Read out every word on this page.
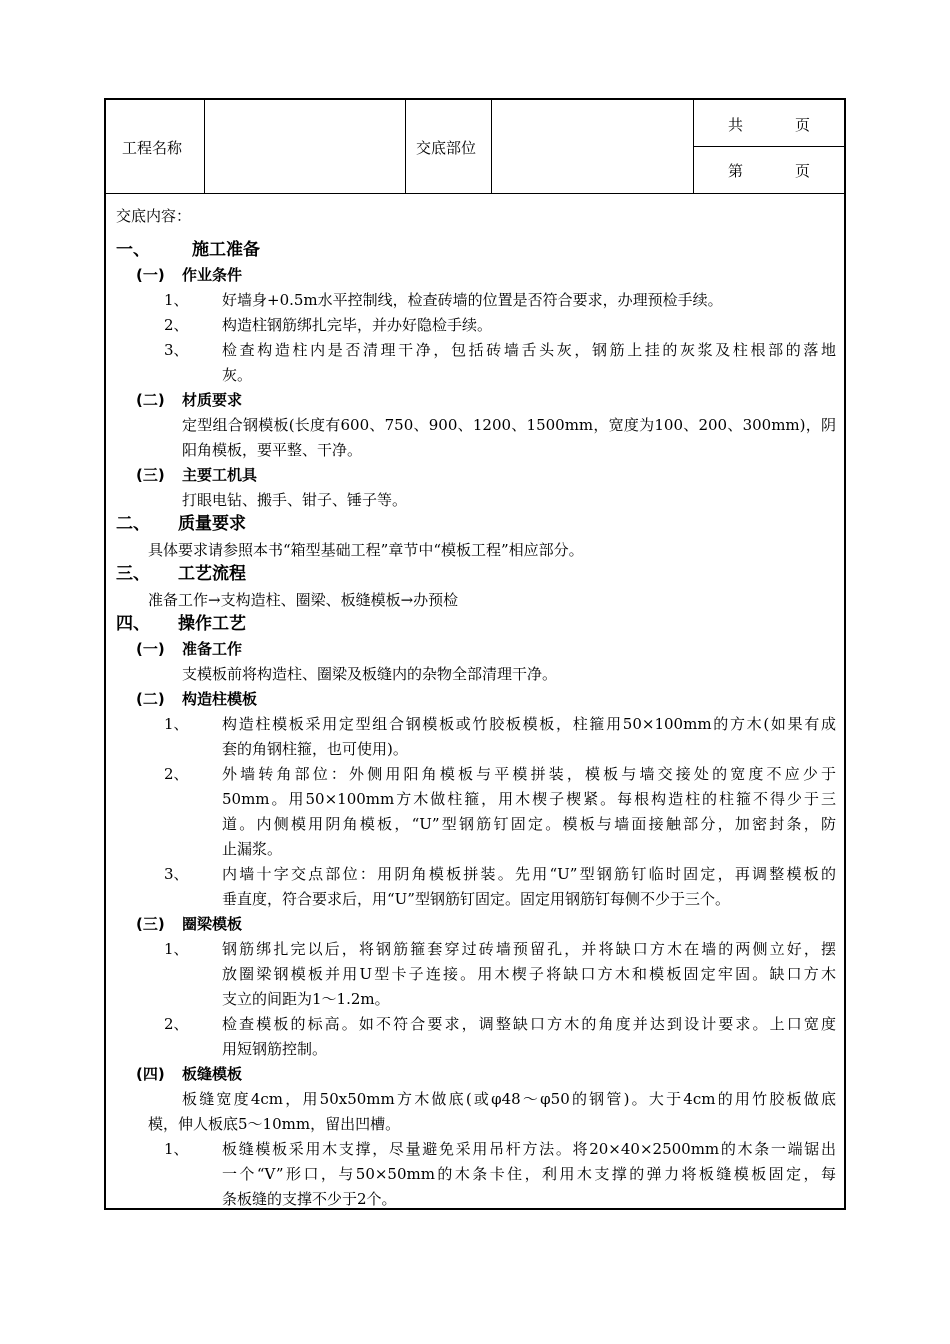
工程名称	交底部位
共	页
第	页
交底内容：
一、 施工准备
(一) 作业条件
1、 好墙身+0.5m水平控制线，检查砖墙的位置是否符合要求，办理预检手续。
2、 构造柱钢筋绑扎完毕，并办好隐检手续。
3、 检查构造柱内是否清理干净，包括砖墙舌头灰，钢筋上挂的灰浆及柱根部的落地
灰。
(二) 材质要求
定型组合钢模板(长度有600、750、900、1200、1500mm，宽度为100、200、300mm)，阴
阳角模板，要平整、干净。
(三) 主要工机具
打眼电钻、搬手、钳子、锤子等。
二、 质量要求
具体要求请参照本书“箱型基础工程”章节中“模板工程”相应部分。
三、 工艺流程
准备工作→支构造柱、圈梁、板缝模板→办预检
四、 操作工艺
(一) 准备工作
支模板前将构造柱、圈梁及板缝内的杂物全部清理干净。
(二) 构造柱模板
1、 构造柱模板采用定型组合钢模板或竹胶板模板，柱箍用50×100mm的方木(如果有成
套的角钢柱箍，也可使用)。
2、 外墙转角部位：外侧用阳角模板与平模拼装，模板与墙交接处的宽度不应少于
50mm。用50×100mm方木做柱箍，用木楔子楔紧。每根构造柱的柱箍不得少于三
道。内侧模用阴角模板，“U”型钢筋钉固定。模板与墙面接触部分，加密封条，防
止漏浆。
3、 内墙十字交点部位：用阴角模板拼装。先用“U”型钢筋钉临时固定，再调整模板的
垂直度，符合要求后，用“U”型钢筋钉固定。固定用钢筋钉每侧不少于三个。
(三) 圈梁模板
1、 钢筋绑扎完以后，将钢筋箍套穿过砖墙预留孔，并将缺口方木在墙的两侧立好，摆
放圈梁钢模板并用U型卡子连接。用木楔子将缺口方木和模板固定牢固。缺口方木
支立的间距为1～1.2m。
2、 检查模板的标高。如不符合要求，调整缺口方木的角度并达到设计要求。上口宽度
用短钢筋控制。
(四) 板缝模板
板缝宽度4cm，用50x50mm方木做底(或φ48～φ50的钢管)。大于4cm的用竹胶板做底
模，伸人板底5～10mm，留出凹槽。
1、 板缝模板采用木支撑，尽量避免采用吊杆方法。将20×40×2500mm的木条一端锯出
一个“V”形口，与50×50mm的木条卡住，利用木支撑的弹力将板缝模板固定，每
条板缝的支撑不少于2个。
